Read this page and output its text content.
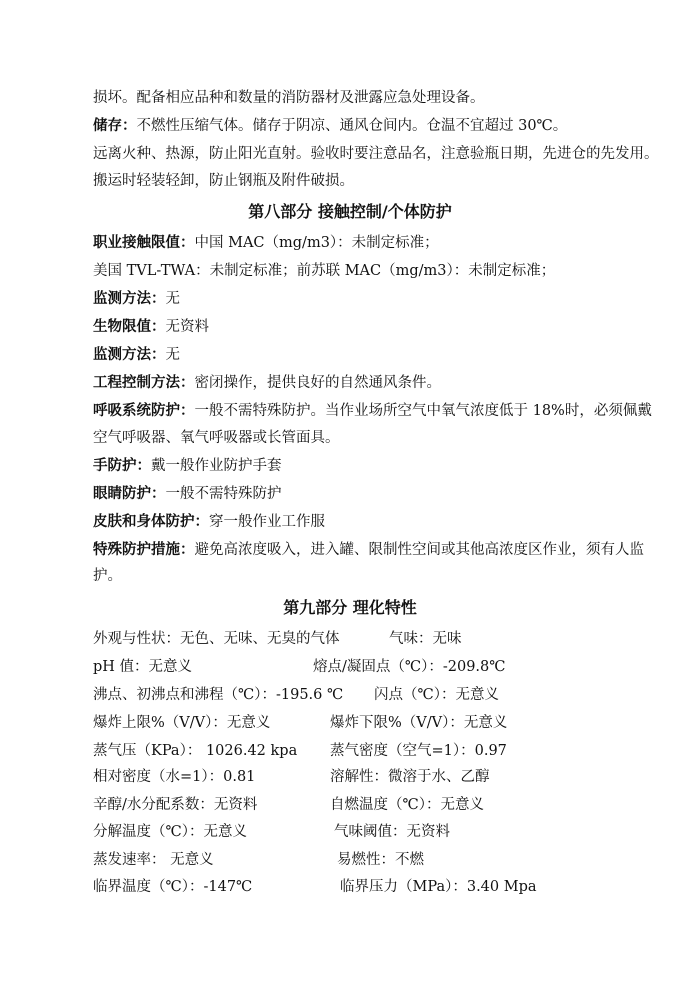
损坏。配备相应品种和数量的消防器材及泄露应急处理设备。
储存：不燃性压缩气体。储存于阴凉、通风仓间内。仓温不宜超过 30℃。
远离火种、热源，防止阳光直射。验收时要注意品名，注意验瓶日期，先进仓的先发用。
搬运时轻装轻卸，防止钢瓶及附件破损。
第八部分 接触控制/个体防护
职业接触限值：中国 MAC（mg/m3）：未制定标准；
美国 TVL-TWA：未制定标准；前苏联 MAC（mg/m3）：未制定标准；
监测方法：无
生物限值：无资料
监测方法：无
工程控制方法：密闭操作，提供良好的自然通风条件。
呼吸系统防护：一般不需特殊防护。当作业场所空气中氧气浓度低于 18%时，必须佩戴
空气呼吸器、氧气呼吸器或长管面具。
手防护：戴一般作业防护手套
眼睛防护：一般不需特殊防护
皮肤和身体防护：穿一般作业工作服
特殊防护措施：避免高浓度吸入，进入罐、限制性空间或其他高浓度区作业，须有人监
护。
第九部分 理化特性
外观与性状：无色、无味、无臭的气体	气味：无味
pH 值：无意义	熔点/凝固点（℃）：-209.8℃
沸点、初沸点和沸程（℃）：-195.6 ℃ 闪点（℃）：无意义
爆炸上限%（V/V）：无意义	爆炸下限%（V/V）：无意义
蒸气压（KPa）： 1026.42 kpa 蒸气密度（空气=1）：0.97
相对密度（水=1）：0.81	溶解性：微溶于水、乙醇
辛醇/水分配系数：无资料	自燃温度（℃）：无意义
分解温度（℃）：无意义	气味阈值：无资料
蒸发速率： 无意义	易燃性：不燃
临界温度（℃）：-147℃	临界压力（MPa）：3.40 Mpa
